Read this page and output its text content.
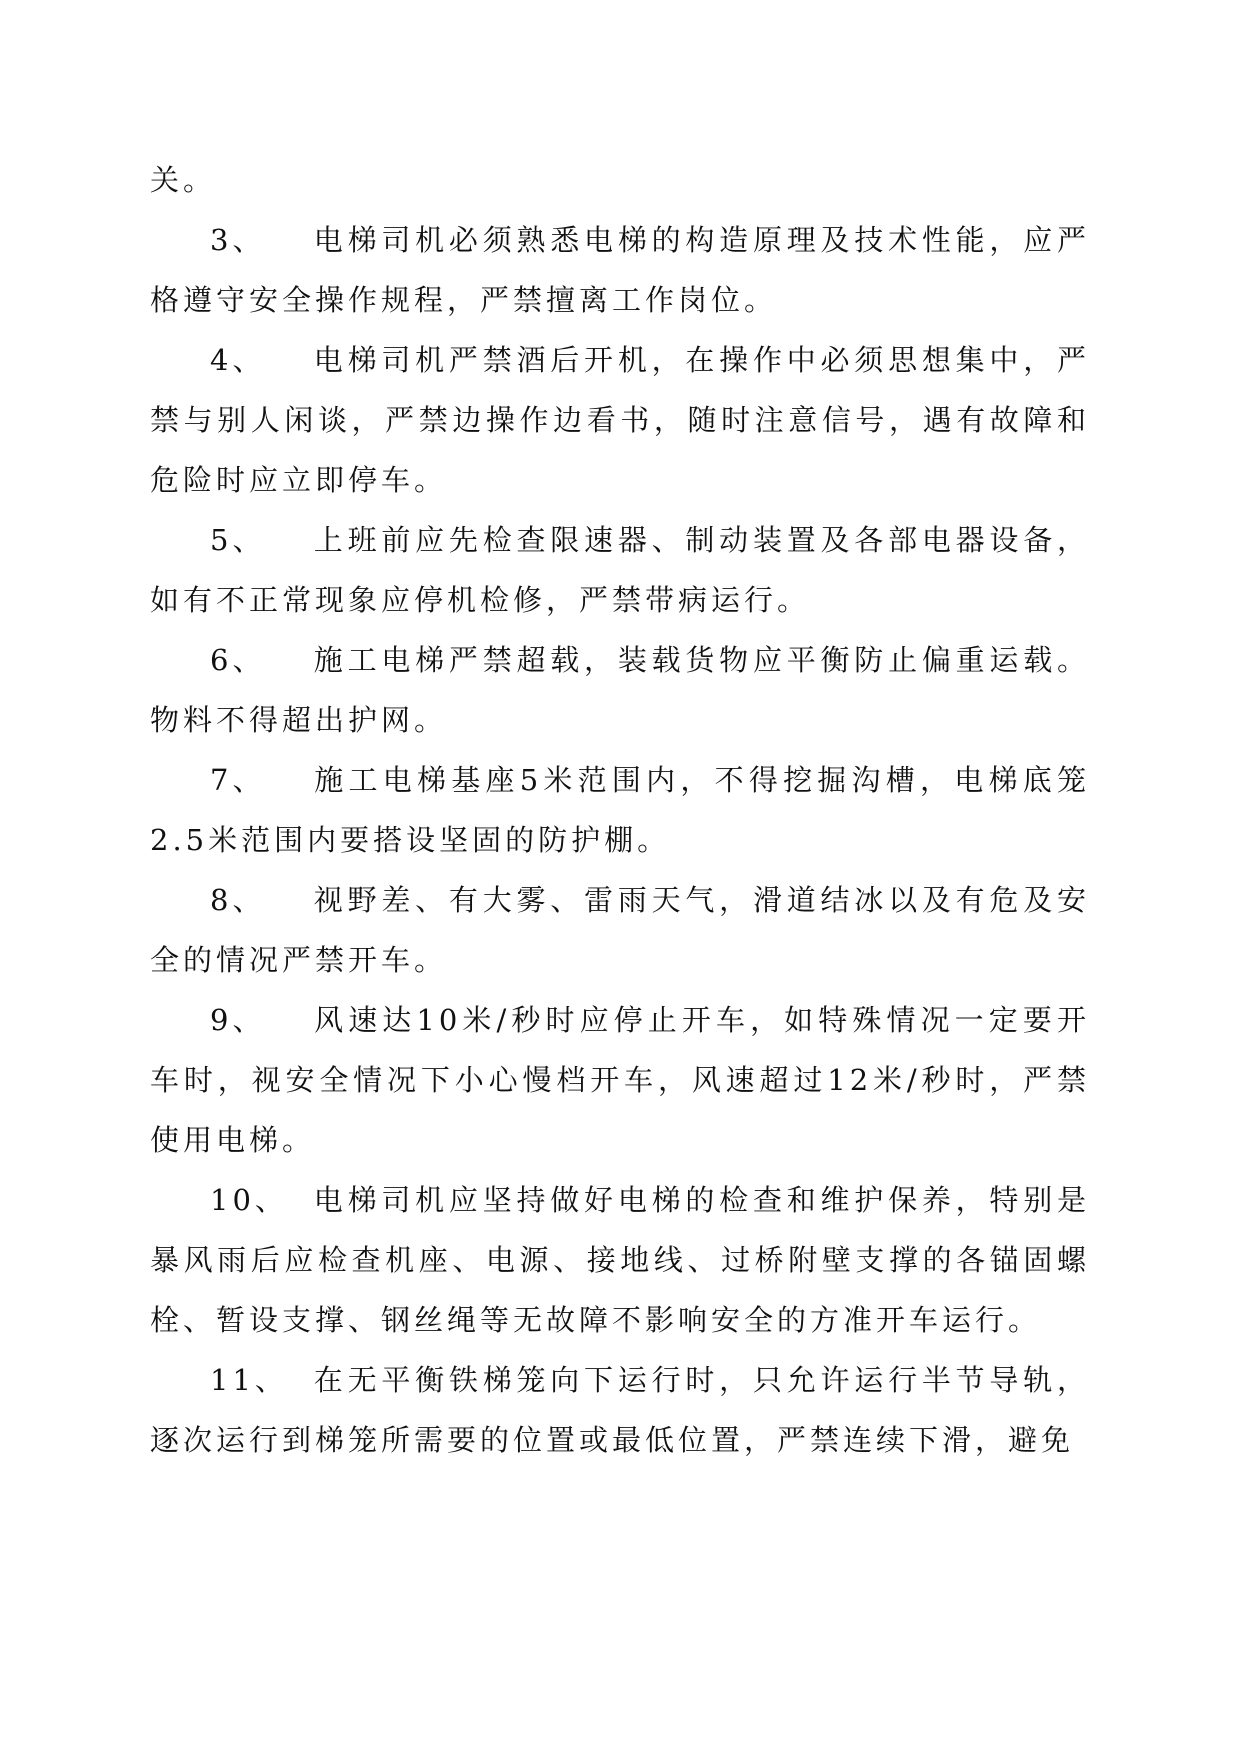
关。

3、 电梯司机必须熟悉电梯的构造原理及技术性能，应严格遵守安全操作规程，严禁擅离工作岗位。

4、 电梯司机严禁酒后开机，在操作中必须思想集中，严禁与别人闲谈，严禁边操作边看书，随时注意信号，遇有故障和危险时应立即停车。

5、 上班前应先检查限速器、制动装置及各部电器设备，如有不正常现象应停机检修，严禁带病运行。

6、 施工电梯严禁超载，装载货物应平衡防止偏重运载。物料不得超出护网。

7、 施工电梯基座5米范围内，不得挖掘沟槽，电梯底笼2.5米范围内要搭设坚固的防护棚。

8、 视野差、有大雾、雷雨天气，滑道结冰以及有危及安全的情况严禁开车。

9、 风速达10米/秒时应停止开车，如特殊情况一定要开车时，视安全情况下小心慢档开车，风速超过12米/秒时，严禁使用电梯。

10、 电梯司机应坚持做好电梯的检查和维护保养，特别是暴风雨后应检查机座、电源、接地线、过桥附壁支撑的各锚固螺栓、暂设支撑、钢丝绳等无故障不影响安全的方准开车运行。

11、 在无平衡铁梯笼向下运行时，只允许运行半节导轨，逐次运行到梯笼所需要的位置或最低位置，严禁连续下滑，避免
